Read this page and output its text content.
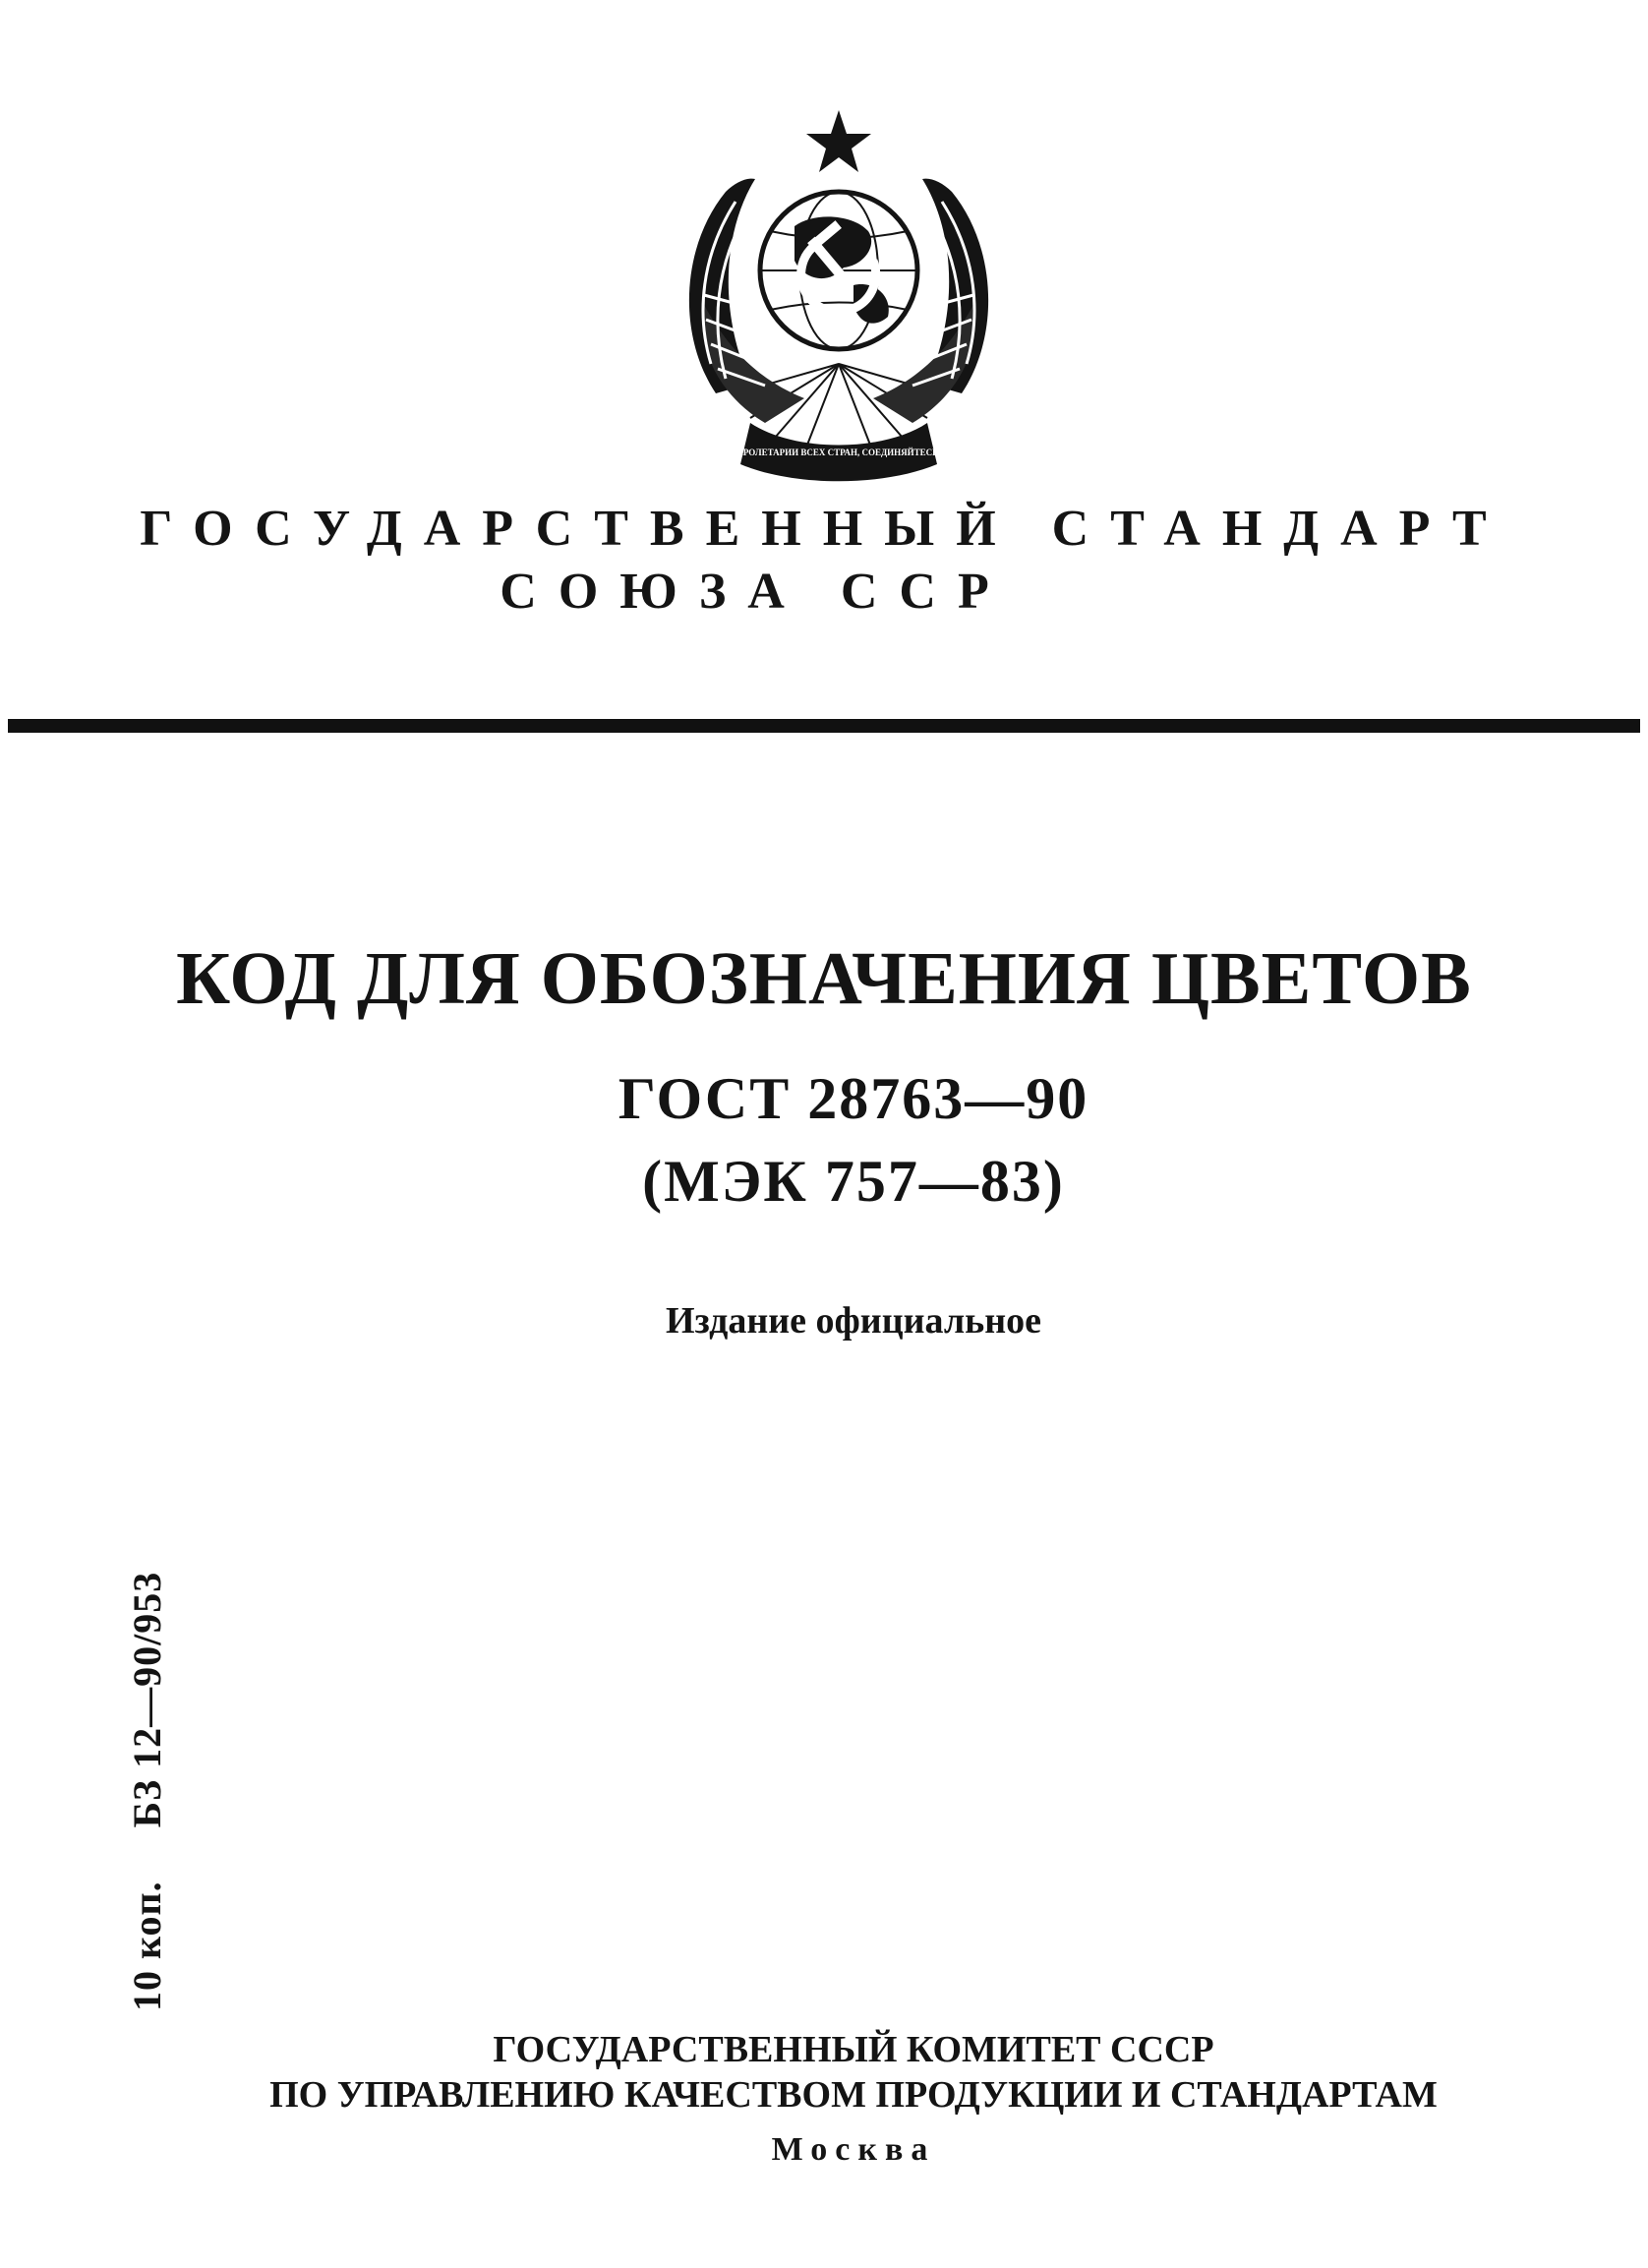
ПРОЛЕТАРИИ ВСЕХ СТРАН, СОЕДИНЯЙТЕСЬ!
ГОСУДАРСТВЕННЫЙ СТАНДАРТ
СОЮЗА ССР
КОД ДЛЯ ОБОЗНАЧЕНИЯ ЦВЕТОВ
ГОСТ 28763—90
(МЭК 757—83)
Издание официальное
10 коп.БЗ 12—90/953
ГОСУДАРСТВЕННЫЙ КОМИТЕТ СССР
ПО УПРАВЛЕНИЮ КАЧЕСТВОМ ПРОДУКЦИИ И СТАНДАРТАМ
Москва
